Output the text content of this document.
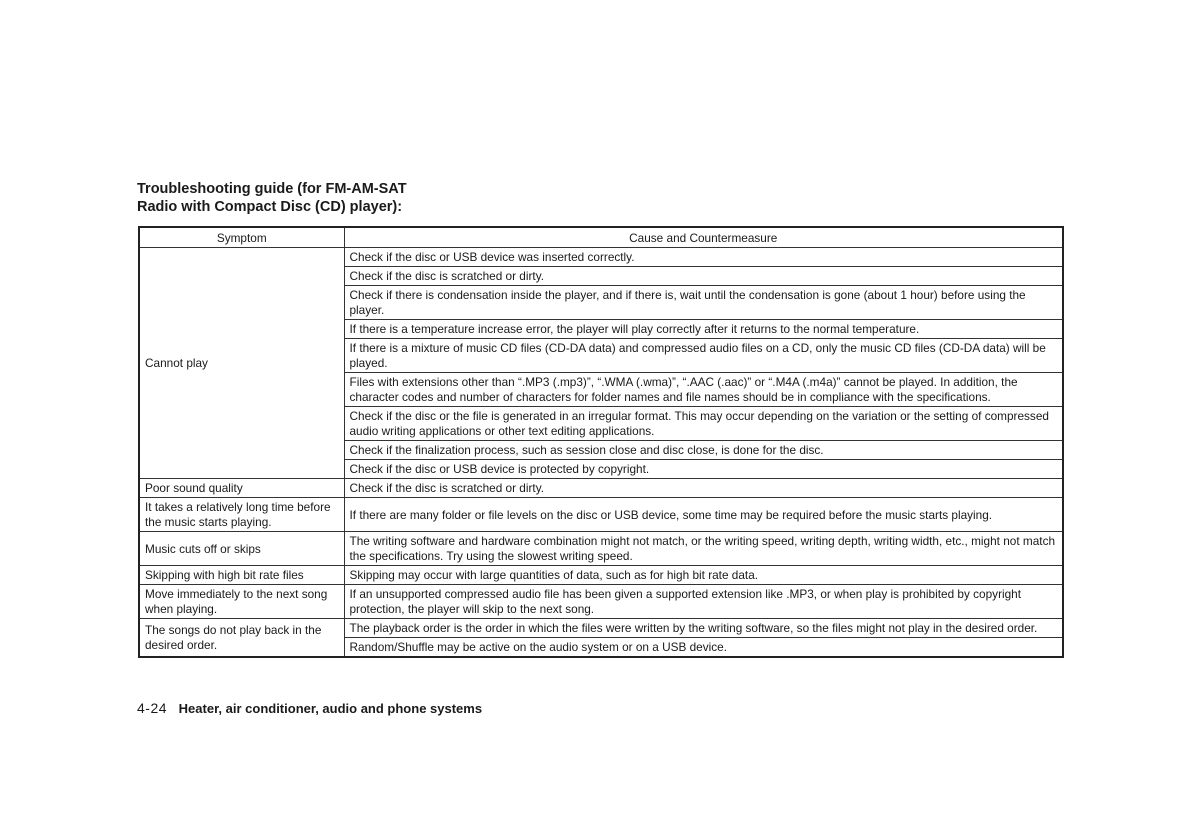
Troubleshooting guide (for FM-AM-SAT
Radio with Compact Disc (CD) player):
Symptom	Cause and Countermeasure
Cannot play	Check if the disc or USB device was inserted correctly.
	Check if the disc is scratched or dirty.
	Check if there is condensation inside the player, and if there is, wait until the condensation is gone (about 1 hour) before using the player.
	If there is a temperature increase error, the player will play correctly after it returns to the normal temperature.
	If there is a mixture of music CD files (CD-DA data) and compressed audio files on a CD, only the music CD files (CD-DA data) will be played.
	Files with extensions other than “.MP3 (.mp3)”, “.WMA (.wma)”, “.AAC (.aac)” or “.M4A (.m4a)” cannot be played. In addition, the character codes and number of characters for folder names and file names should be in compliance with the specifications.
	Check if the disc or the file is generated in an irregular format. This may occur depending on the variation or the setting of compressed audio writing applications or other text editing applications.
	Check if the finalization process, such as session close and disc close, is done for the disc.
	Check if the disc or USB device is protected by copyright.
Poor sound quality	Check if the disc is scratched or dirty.
It takes a relatively long time before the music starts playing.	If there are many folder or file levels on the disc or USB device, some time may be required before the music starts playing.
Music cuts off or skips	The writing software and hardware combination might not match, or the writing speed, writing depth, writing width, etc., might not match the specifications. Try using the slowest writing speed.
Skipping with high bit rate files	Skipping may occur with large quantities of data, such as for high bit rate data.
Move immediately to the next song when playing.	If an unsupported compressed audio file has been given a supported extension like .MP3, or when play is prohibited by copyright protection, the player will skip to the next song.
The songs do not play back in the desired order.	The playback order is the order in which the files were written by the writing software, so the files might not play in the desired order.
	Random/Shuffle may be active on the audio system or on a USB device.
4-24 Heater, air conditioner, audio and phone systems
